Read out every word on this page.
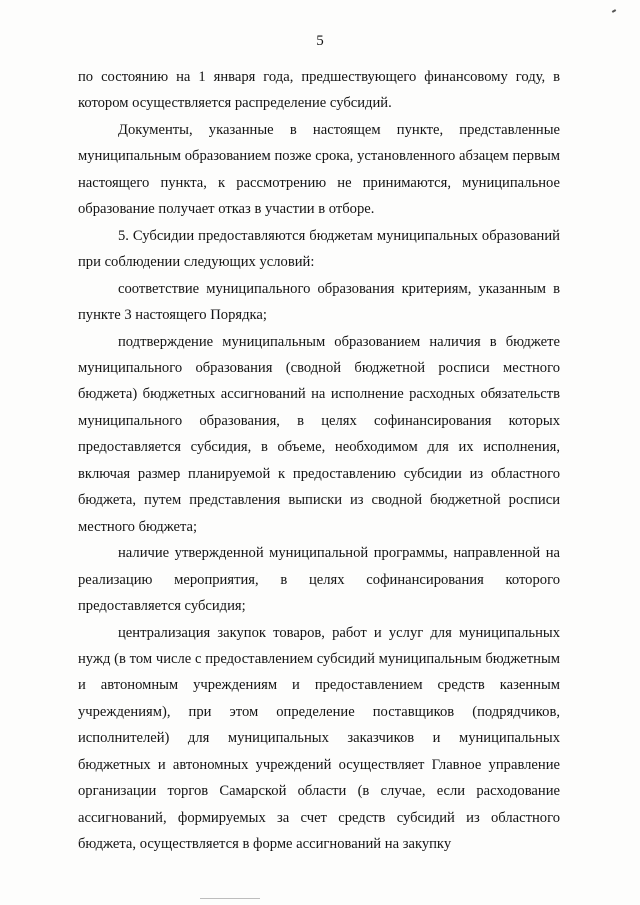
5

по состоянию на 1 января года, предшествующего финансовому году, в котором осуществляется распределение субсидий.

Документы, указанные в настоящем пункте, представленные муниципальным образованием позже срока, установленного абзацем первым настоящего пункта, к рассмотрению не принимаются, муниципальное образование получает отказ в участии в отборе.

5. Субсидии предоставляются бюджетам муниципальных образований при соблюдении следующих условий:

соответствие муниципального образования критериям, указанным в пункте 3 настоящего Порядка;

подтверждение муниципальным образованием наличия в бюджете муниципального образования (сводной бюджетной росписи местного бюджета) бюджетных ассигнований на исполнение расходных обязательств муниципального образования, в целях софинансирования которых предоставляется субсидия, в объеме, необходимом для их исполнения, включая размер планируемой к предоставлению субсидии из областного бюджета, путем представления выписки из сводной бюджетной росписи местного бюджета;

наличие утвержденной муниципальной программы, направленной на реализацию мероприятия, в целях софинансирования которого предоставляется субсидия;

централизация закупок товаров, работ и услуг для муниципальных нужд (в том числе с предоставлением субсидий муниципальным бюджетным и автономным учреждениям и предоставлением средств казенным учреждениям), при этом определение поставщиков (подрядчиков, исполнителей) для муниципальных заказчиков и муниципальных бюджетных и автономных учреждений осуществляет Главное управление организации торгов Самарской области (в случае, если расходование ассигнований, формируемых за счет средств субсидий из областного бюджета, осуществляется в форме ассигнований на закупку
